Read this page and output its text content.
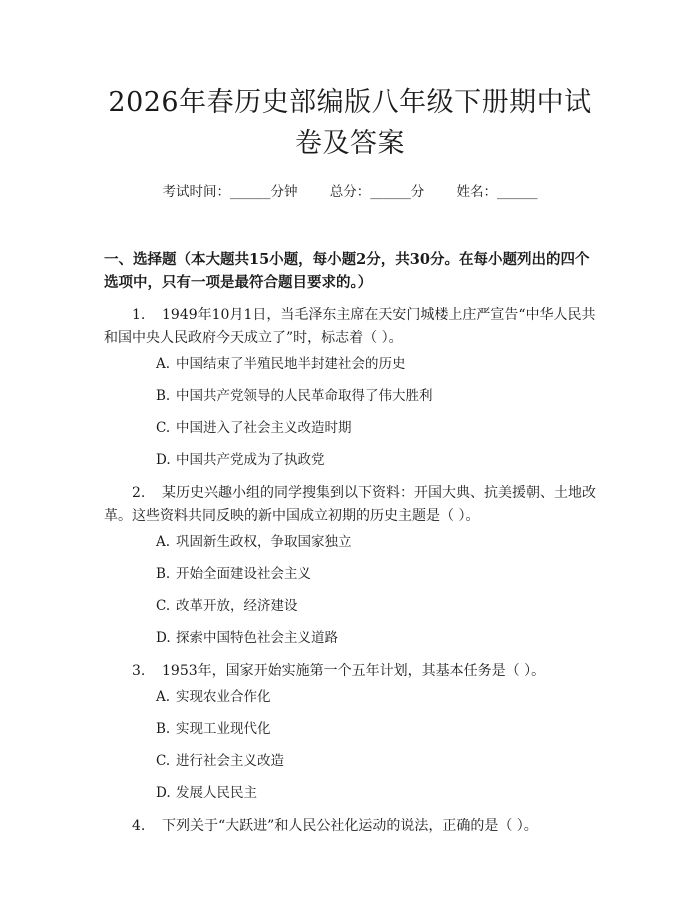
2026年春历史部编版八年级下册期中试卷及答案
考试时间：______分钟 总分：______分 姓名：______
一、选择题（本大题共15小题，每小题2分，共30分。在每小题列出的四个选项中，只有一项是最符合题目要求的。）
1. 1949年10月1日，当毛泽东主席在天安门城楼上庄严宣告“中华人民共和国中央人民政府今天成立了”时，标志着（ ）。
A. 中国结束了半殖民地半封建社会的历史
B. 中国共产党领导的人民革命取得了伟大胜利
C. 中国进入了社会主义改造时期
D. 中国共产党成为了执政党
2. 某历史兴趣小组的同学搜集到以下资料：开国大典、抗美援朝、土地改革。这些资料共同反映的新中国成立初期的历史主题是（ ）。
A. 巩固新生政权，争取国家独立
B. 开始全面建设社会主义
C. 改革开放，经济建设
D. 探索中国特色社会主义道路
3. 1953年，国家开始实施第一个五年计划，其基本任务是（ ）。
A. 实现农业合作化
B. 实现工业现代化
C. 进行社会主义改造
D. 发展人民民主
4. 下列关于“大跃进”和人民公社化运动的说法，正确的是（ ）。
